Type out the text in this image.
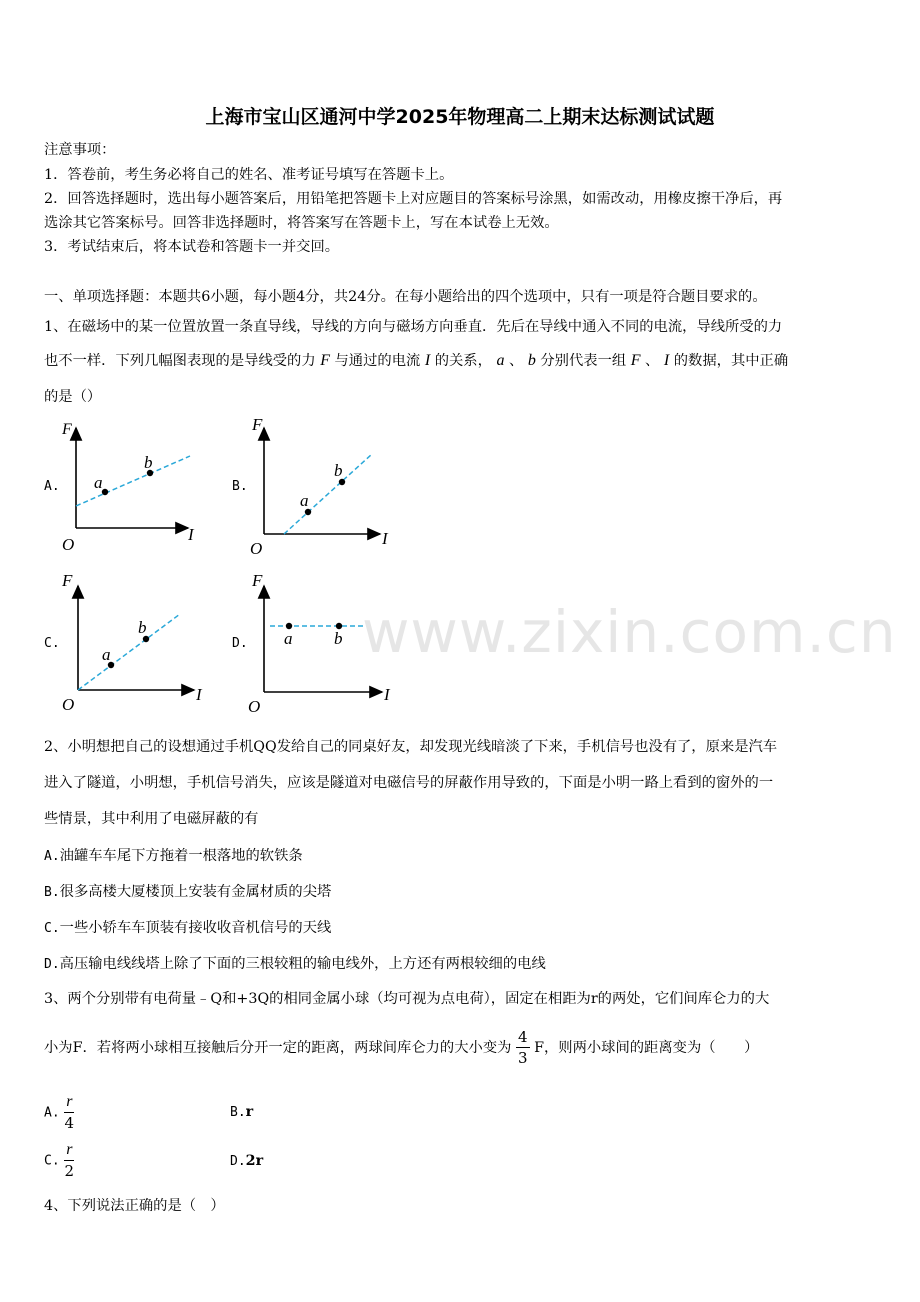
上海市宝山区通河中学2025年物理高二上期末达标测试试题
注意事项：
1．答卷前，考生务必将自己的姓名、准考证号填写在答题卡上。
2．回答选择题时，选出每小题答案后，用铅笔把答题卡上对应题目的答案标号涂黑，如需改动，用橡皮擦干净后，再
选涂其它答案标号。回答非选择题时，将答案写在答题卡上，写在本试卷上无效。
3．考试结束后，将本试卷和答题卡一并交回。
一、单项选择题：本题共6小题，每小题4分，共24分。在每小题给出的四个选项中，只有一项是符合题目要求的。
1、在磁场中的某一位置放置一条直导线，导线的方向与磁场方向垂直．先后在导线中通入不同的电流，导线所受的力
也不一样．下列几幅图表现的是导线受的力 F 与通过的电流 I 的关系， a 、 b 分别代表一组 F 、 I 的数据，其中正确
的是（）
A.
F
I
O
a
b
B.
F
I
O
a
b
C.
F
I
O
a
b
D.
F
I
O
a b www.zixin.com.cn
2、小明想把自己的设想通过手机QQ发给自己的同桌好友，却发现光线暗淡了下来，手机信号也没有了，原来是汽车
进入了隧道，小明想，手机信号消失，应该是隧道对电磁信号的屏蔽作用导致的，下面是小明一路上看到的窗外的一
些情景，其中利用了电磁屏蔽的有
A.油罐车车尾下方拖着一根落地的软铁条
B.很多高楼大厦楼顶上安装有金属材质的尖塔
C.一些小轿车车顶装有接收收音机信号的天线
D.高压输电线线塔上除了下面的三根较粗的输电线外，上方还有两根较细的电线
3、两个分别带有电荷量﹣Q和+3Q的相同金属小球（均可视为点电荷），固定在相距为r的两处，它们间库仑力的大
小为F．若将两小球相互接触后分开一定的距离，两球间库仑力的大小变为 $\frac{4}{3}$ F，则两小球间的距离变为（　　）
A. $\frac{r}{4}$	B.r
C. $\frac{r}{2}$	D.2r
4、下列说法正确的是（　）
